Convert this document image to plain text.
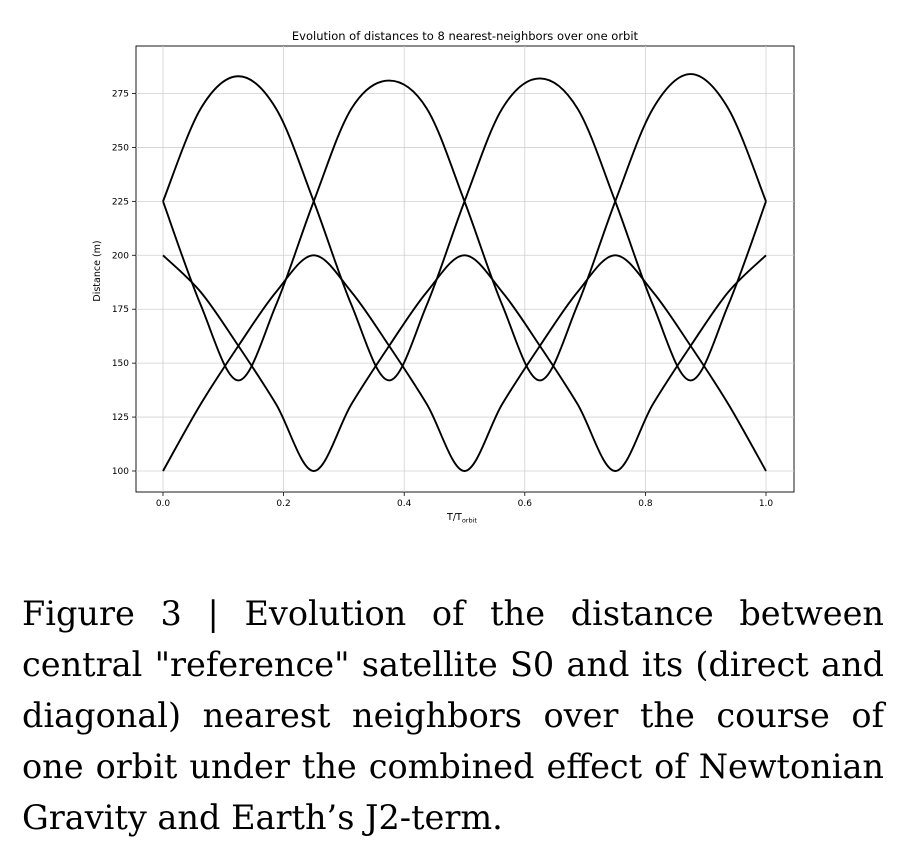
0.0	0.2	0.4	0.6	0.8	1.0
100
125
150
175
200
225
250
275
Evolution of distances to 8 nearest-neighbors over one orbit
Distance (m)
$T/T_{orbit}$

Figure 3 | Evolution of the distance between central "reference" satellite S0 and its (direct and diagonal) nearest neighbors over the course of one orbit under the combined effect of Newtonian Gravity and Earth’s J2-term.
